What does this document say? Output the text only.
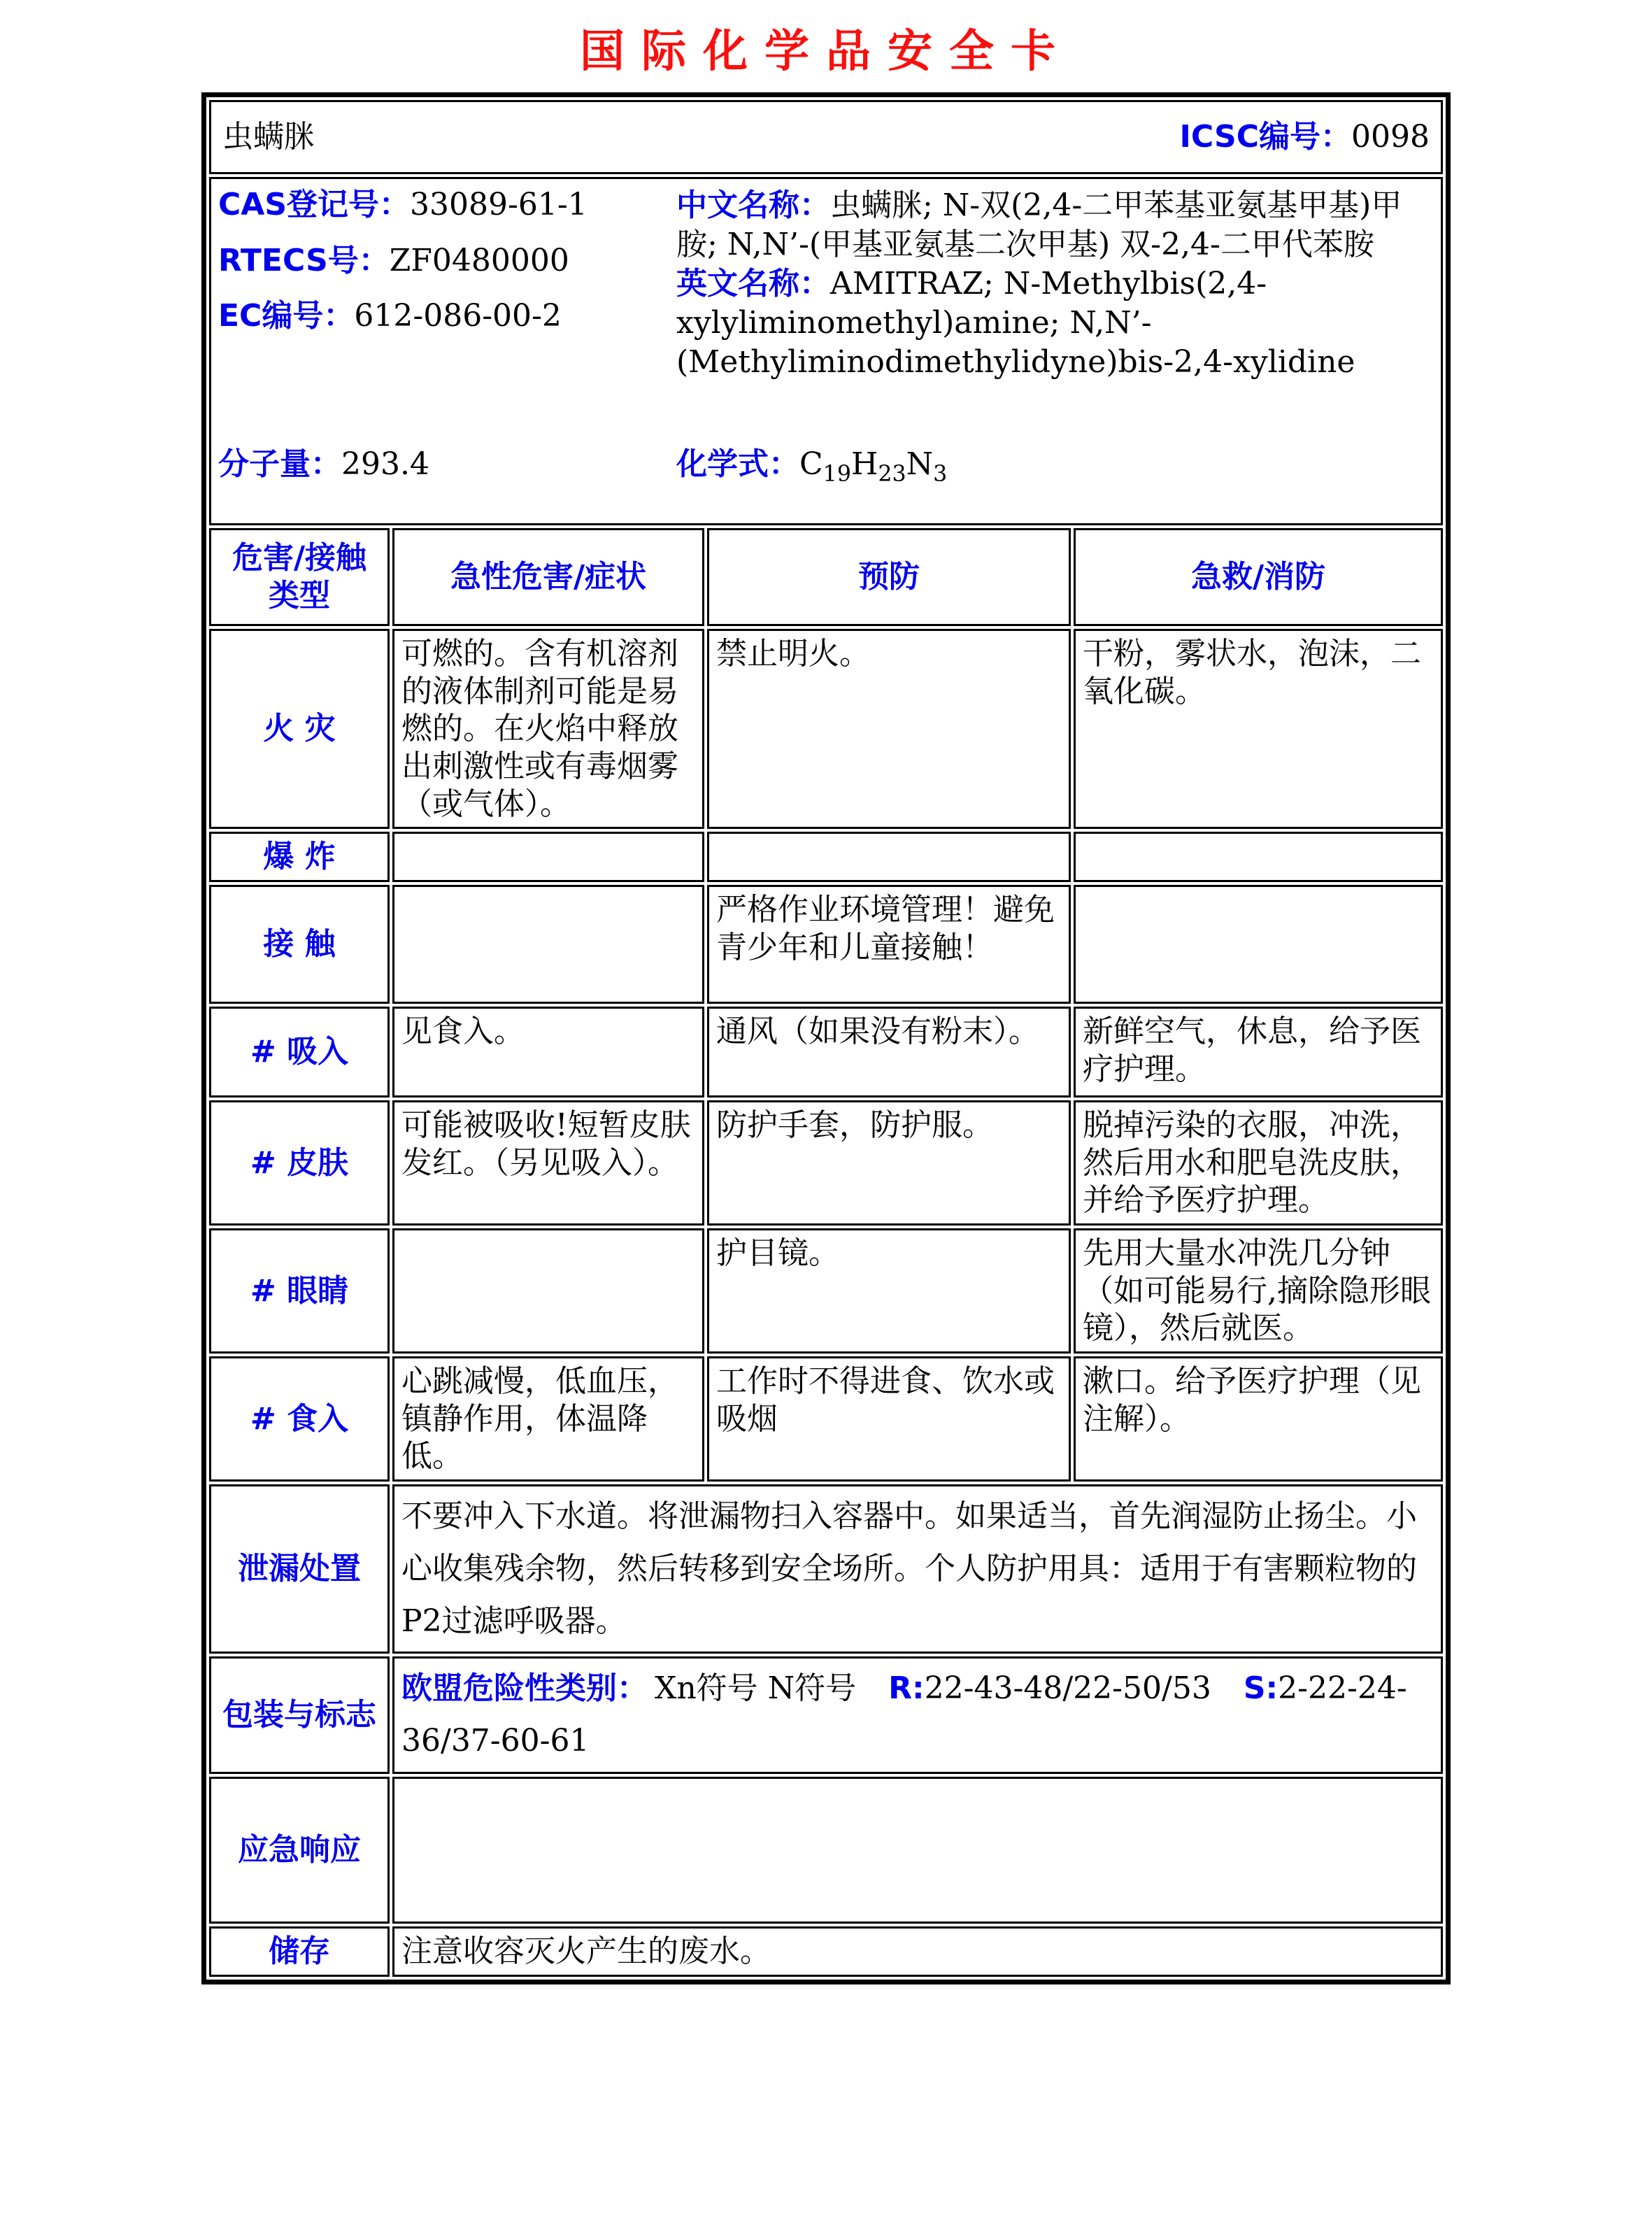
国际化学品安全卡
虫螨脒 ICSC编号：0098			

CAS登记号：33089-61-1
RTECS号：ZF0480000
EC编号：612-086-00-2
中文名称：虫螨脒; N-双(2,4-二甲苯基亚氨基甲基)甲胺; N,N’-(甲基亚氨基二次甲基) 双-2,4-二甲代苯胺
英文名称：AMITRAZ; N-Methylbis(2,4-xylyliminomethyl)amine; N,N’-(Methyliminodimethylidyne)bis-2,4-xylidine
分子量：293.4	化学式：$C_{19}H_{23}N_3$

危害/接触
类型	急性危害/症状	预防	急救/消防
火 灾	可燃的。含有机溶剂的液体制剂可能是易燃的。在火焰中释放出刺激性或有毒烟雾（或气体）。	禁止明火。	干粉，雾状水，泡沫，二氧化碳。
爆 炸			
接 触		严格作业环境管理！避免青少年和儿童接触！	
# 吸入	见食入。	通风（如果没有粉末）。	新鲜空气，休息，给予医疗护理。
# 皮肤	可能被吸收!短暂皮肤发红。（另见吸入）。	防护手套，防护服。	脱掉污染的衣服，冲洗，然后用水和肥皂洗皮肤，并给予医疗护理。
# 眼睛		护目镜。	先用大量水冲洗几分钟（如可能易行,摘除隐形眼镜），然后就医。
# 食入	心跳减慢，低血压，镇静作用，体温降低。	工作时不得进食、饮水或吸烟	漱口。给予医疗护理（见注解）。
泄漏处置	不要冲入下水道。将泄漏物扫入容器中。如果适当，首先润湿防止扬尘。小心收集残余物，然后转移到安全场所。个人防护用具：适用于有害颗粒物的P2过滤呼吸器。		
包装与标志	欧盟危险性类别： Xn符号 N符号 R:22-43-48/22-50/53 S:2-22-24-36/37-60-61		
应急响应			
储存	注意收容灭火产生的废水。		
